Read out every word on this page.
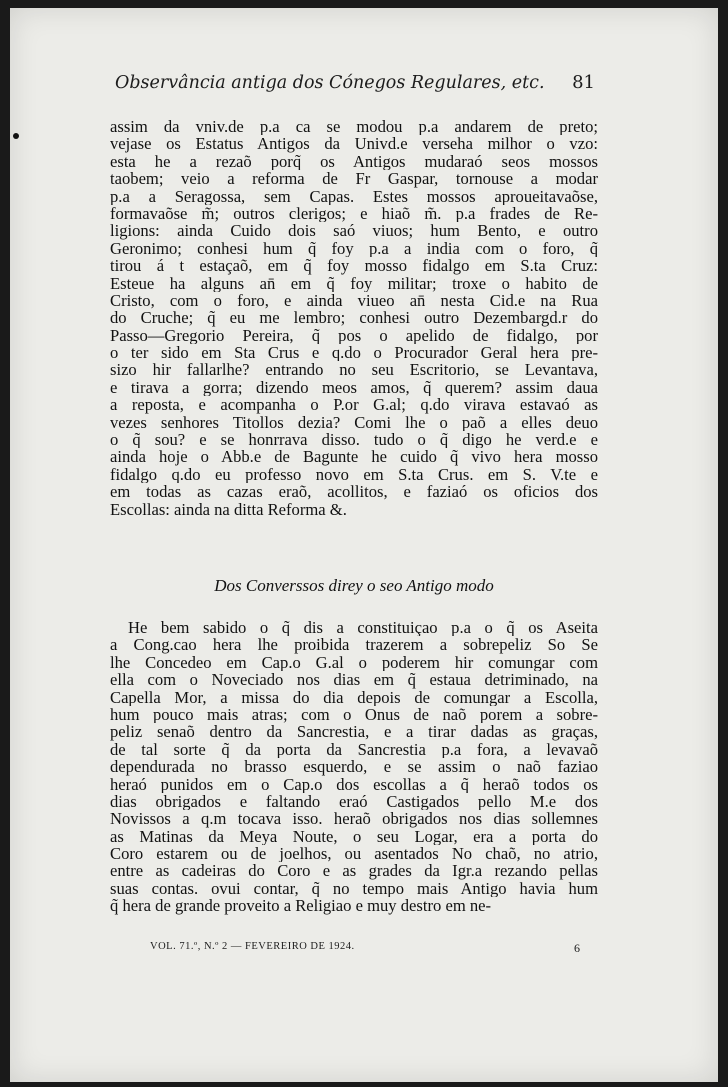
Observância antiga dos Cónegos Regulares, etc. 81
assim da vniv.de p.a ca se modou p.a andarem de preto;
vejase os Estatus Antigos da Univd.e verseha milhor o vzo:
esta he a rezaõ porq̃ os Antigos mudaraó seos mossos
taobem; veio a reforma de Fr Gaspar, tornouse a modar
p.a a Seragossa, sem Capas. Estes mossos aproueitavaõse,
formavaõse m̃; outros clerigos; e hiaõ m̃. p.a frades de Re-
ligions: ainda Cuido dois saó viuos; hum Bento, e outro
Geronimo; conhesi hum q̃ foy p.a a india com o foro, q̃
tirou á t estaçaõ, em q̃ foy mosso fidalgo em S.ta Cruz:
Esteue ha alguns an̄ em q̃ foy militar; troxe o habito de
Cristo, com o foro, e ainda viueo an̄ nesta Cid.e na Rua
do Cruche; q̃ eu me lembro; conhesi outro Dezembargd.r do
Passo—Gregorio Pereira, q̃ pos o apelido de fidalgo, por
o ter sido em Sta Crus e q.do o Procurador Geral hera pre-
sizo hir fallarlhe? entrando no seu Escritorio, se Levantava,
e tirava a gorra; dizendo meos amos, q̃ querem? assim daua
a reposta, e acompanha o P.or G.al; q.do virava estavaó as
vezes senhores Titollos dezia? Comi lhe o paõ a elles deuo
o q̃ sou? e se honrrava disso. tudo o q̃ digo he verd.e e
ainda hoje o Abb.e de Bagunte he cuido q̃ vivo hera mosso
fidalgo q.do eu professo novo em S.ta Crus. em S. V.te e
em todas as cazas eraõ, acollitos, e faziaó os oficios dos
Escollas: ainda na ditta Reforma &.
Dos Converssos direy o seo Antigo modo
He bem sabido o q̃ dis a constituiçao p.a o q̃ os Aseita
a Cong.cao hera lhe proibida trazerem a sobrepeliz So Se
lhe Concedeo em Cap.o G.al o poderem hir comungar com
ella com o Noveciado nos dias em q̃ estaua detriminado, na
Capella Mor, a missa do dia depois de comungar a Escolla,
hum pouco mais atras; com o Onus de naõ porem a sobre-
peliz senaõ dentro da Sancrestia, e a tirar dadas as graças,
de tal sorte q̃ da porta da Sancrestia p.a fora, a levavaõ
dependurada no brasso esquerdo, e se assim o naõ faziao
heraó punidos em o Cap.o dos escollas a q̃ heraõ todos os
dias obrigados e faltando eraó Castigados pello M.e dos
Novissos a q.m tocava isso. heraõ obrigados nos dias sollemnes
as Matinas da Meya Noute, o seu Logar, era a porta do
Coro estarem ou de joelhos, ou asentados No chaõ, no atrio,
entre as cadeiras do Coro e as grades da Igr.a rezando pellas
suas contas. ovui contar, q̃ no tempo mais Antigo havia hum
q̃ hera de grande proveito a Religiao e muy destro em ne-
VOL. 71.º, N.º 2 — FEVEREIRO DE 1924.	6
